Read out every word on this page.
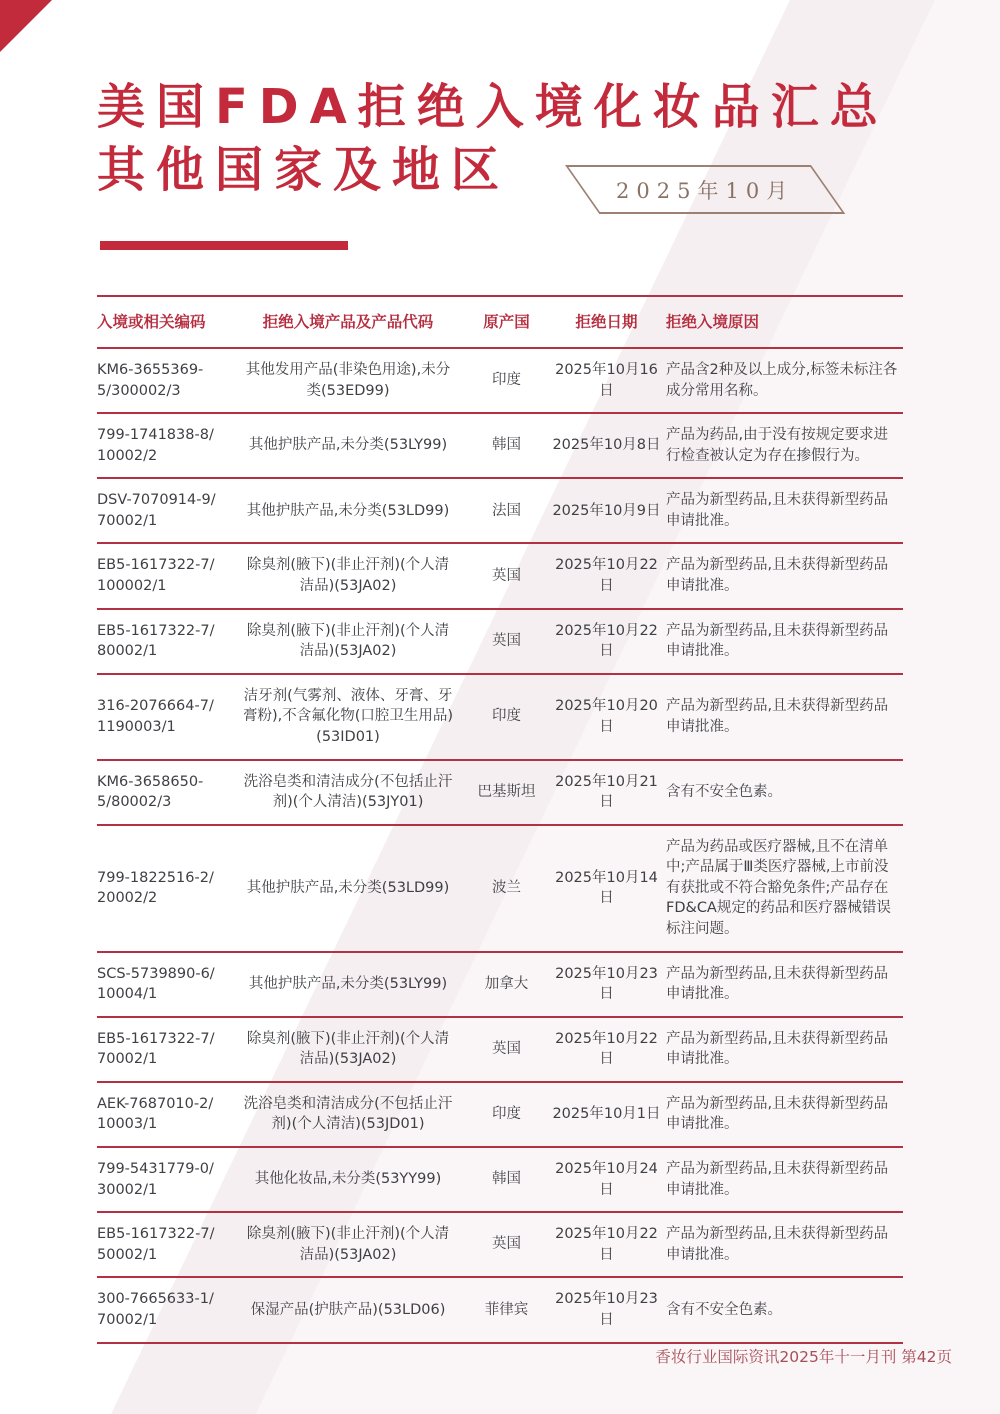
美国FDA拒绝入境化妆品汇总
其他国家及地区	2025年10月
入境或相关编码	拒绝入境产品及产品代码	原产国	拒绝日期	拒绝入境原因
KM6-3655369-5/300002/3
其他发用产品(非染色用途),未分类(53ED99)
印度
2025年10月16日
产品含2种及以上成分,标签未标注各成分常用名称。
799-1741838-8/10002/2
其他护肤产品,未分类(53LY99)	韩国	2025年10月8日
产品为药品,由于没有按规定要求进行检查被认定为存在掺假行为。
DSV-7070914-9/70002/1
其他护肤产品,未分类(53LD99)	法国	2025年10月9日
产品为新型药品,且未获得新型药品申请批准。
EB5-1617322-7/100002/1
除臭剂(腋下)(非止汗剂)(个人清洁品)(53JA02)
英国
2025年10月22日
产品为新型药品,且未获得新型药品申请批准。
EB5-1617322-7/80002/1
除臭剂(腋下)(非止汗剂)(个人清洁品)(53JA02)
英国
2025年10月22日
产品为新型药品,且未获得新型药品申请批准。
316-2076664-7/1190003/1
洁牙剂(气雾剂、液体、牙膏、牙膏粉),不含氟化物(口腔卫生用品)(53ID01)
印度
2025年10月20日
产品为新型药品,且未获得新型药品申请批准。
KM6-3658650-5/80002/3
洗浴皂类和清洁成分(不包括止汗剂)(个人清洁)(53JY01)
巴基斯坦
2025年10月21日
含有不安全色素。
799-1822516-2/20002/2
其他护肤产品,未分类(53LD99)	波兰
2025年10月14日
产品为药品或医疗器械,且不在清单中;产品属于Ⅲ类医疗器械,上市前没有获批或不符合豁免条件;产品存在FD&CA规定的药品和医疗器械错误标注问题。
SCS-5739890-6/10004/1
其他护肤产品,未分类(53LY99)	加拿大
2025年10月23日
产品为新型药品,且未获得新型药品申请批准。
EB5-1617322-7/70002/1
除臭剂(腋下)(非止汗剂)(个人清洁品)(53JA02)
英国
2025年10月22日
产品为新型药品,且未获得新型药品申请批准。
AEK-7687010-2/10003/1
洗浴皂类和清洁成分(不包括止汗剂)(个人清洁)(53JD01)
印度	2025年10月1日
产品为新型药品,且未获得新型药品申请批准。
799-5431779-0/30002/1
其他化妆品,未分类(53YY99)	韩国
2025年10月24日
产品为新型药品,且未获得新型药品申请批准。
EB5-1617322-7/50002/1
除臭剂(腋下)(非止汗剂)(个人清洁品)(53JA02)
英国
2025年10月22日
产品为新型药品,且未获得新型药品申请批准。
300-7665633-1/70002/1
保湿产品(护肤产品)(53LD06)	菲律宾
2025年10月23日
含有不安全色素。
香妆行业国际资讯2025年十一月刊 第42页
